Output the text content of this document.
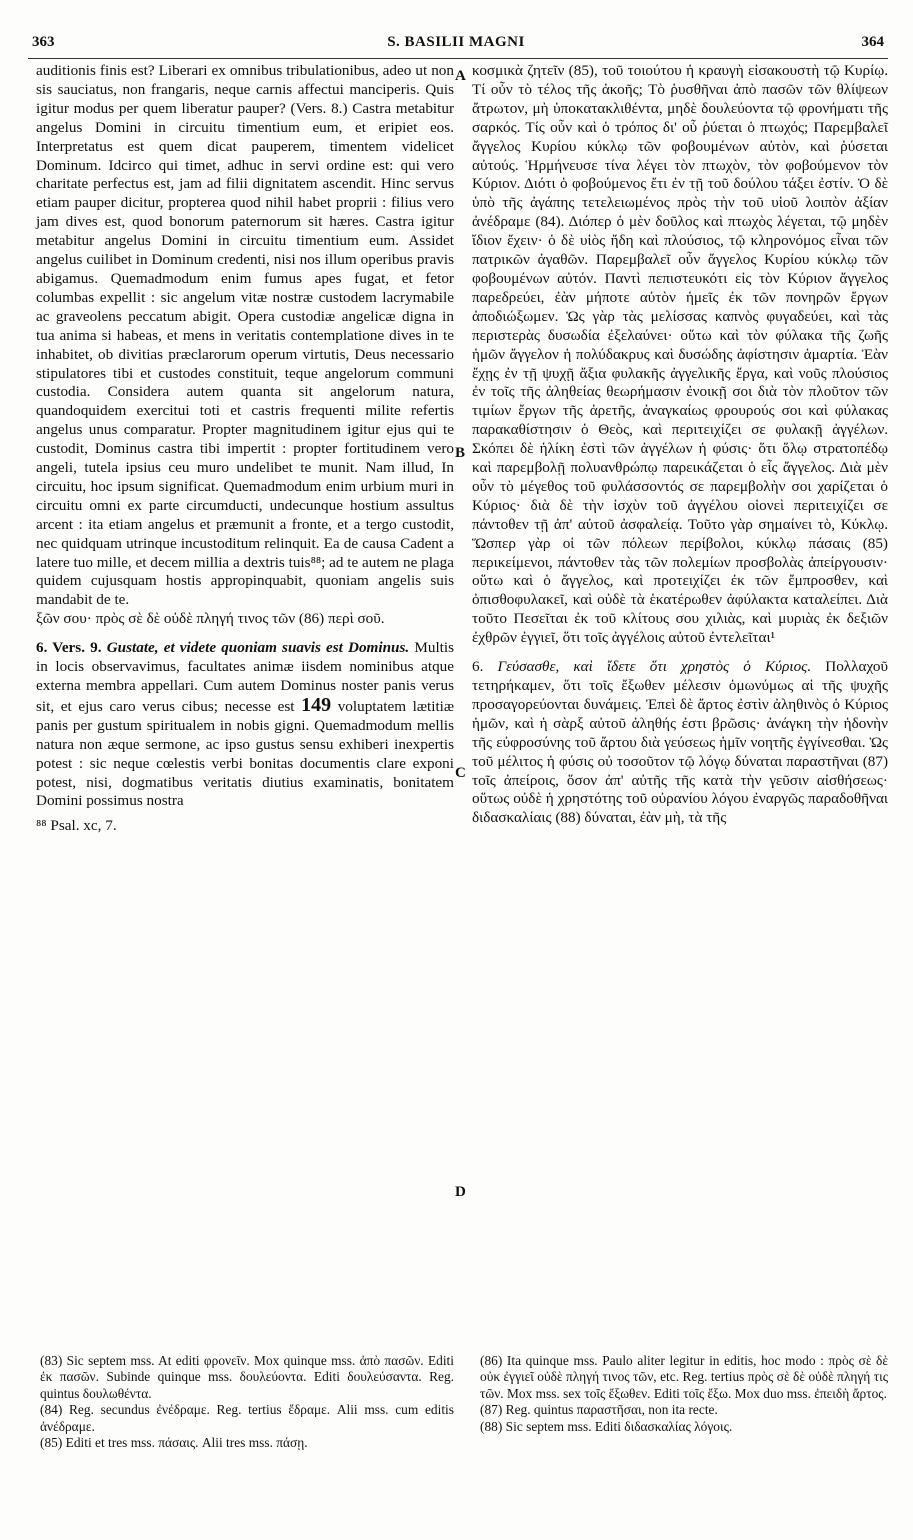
363	S. BASILII MAGNI	364
A
B
C
D

auditionis finis est? Liberari ex omnibus tribulationibus, adeo ut non sis sauciatus, non frangaris, neque carnis affectui manciperis. Quis igitur modus per quem liberatur pauper? (Vers. 8.) Castra metabitur angelus Domini in circuitu timentium eum, et eripiet eos. Interpretatus est quem dicat pauperem, timentem videlicet Dominum. Idcirco qui timet, adhuc in servi ordine est: qui vero charitate perfectus est, jam ad filii dignitatem ascendit. Hinc servus etiam pauper dicitur, propterea quod nihil habet proprii : filius vero jam dives est, quod bonorum paternorum sit hæres. Castra igitur metabitur angelus Domini in circuitu timentium eum. Assidet angelus cuilibet in Dominum credenti, nisi nos illum operibus pravis abigamus. Quemadmodum enim fumus apes fugat, et fetor columbas expellit : sic angelum vitæ nostræ custodem lacrymabile ac graveolens peccatum abigit. Opera custodiæ angelicæ digna in tua anima si habeas, et mens in veritatis contemplatione dives in te inhabitet, ob divitias præclarorum operum virtutis, Deus necessario stipulatores tibi et custodes constituit, teque angelorum communi custodia. Considera autem quanta sit angelorum natura, quandoquidem exercitui toti et castris frequenti milite refertis angelus unus comparatur. Propter magnitudinem igitur ejus qui te custodit, Dominus castra tibi impertit : propter fortitudinem vero angeli, tutela ipsius ceu muro undelibet te munit. Nam illud, In circuitu, hoc ipsum significat. Quemadmodum enim urbium muri in circuitu omni ex parte circumducti, undecunque hostium assultus arcent : ita etiam angelus et præmunit a fronte, et a tergo custodit, nec quidquam utrinque incustoditum relinquit. Ea de causa Cadent a latere tuo mille, et decem millia a dextris tuis⁸⁸; ad te autem ne plaga quidem cujusquam hostis appropinquabit, quoniam angelis suis mandabit de te.

ξῶν σου· πρὸς σὲ δὲ οὐδὲ πληγή τινος τῶν (86) περὶ σοῦ.

6. Vers. 9. Gustate, et videte quoniam suavis est Dominus. Multis in locis observavimus, facultates animæ iisdem nominibus atque externa membra appellari. Cum autem Dominus noster panis verus sit, et ejus caro verus cibus; necesse est 149 voluptatem lætitiæ panis per gustum spiritualem in nobis gigni. Quemadmodum mellis natura non æque sermone, ac ipso gustus sensu exhiberi inexpertis potest : sic neque cœlestis verbi bonitas documentis clare exponi potest, nisi, dogmatibus veritatis diutius examinatis, bonitatem Domini possimus nostra

⁸⁸ Psal. xc, 7.

κοσμικὰ ζητεῖν (85), τοῦ τοιούτου ἡ κραυγὴ εἰσακουστὴ τῷ Κυρίῳ. Τί οὖν τὸ τέλος τῆς ἀκοῆς; Τὸ ῥυσθῆναι ἀπὸ πασῶν τῶν θλίψεων ἄτρωτον, μὴ ὑποκατακλιθέντα, μηδὲ δουλεύοντα τῷ φρονήματι τῆς σαρκός. Τίς οὖν καὶ ὁ τρόπος δι' οὗ ῥύεται ὁ πτωχός; Παρεμβαλεῖ ἄγγελος Κυρίου κύκλῳ τῶν φοβουμένων αὐτὸν, καὶ ῥύσεται αὐτούς. Ἡρμήνευσε τίνα λέγει τὸν πτωχὸν, τὸν φοβούμενον τὸν Κύριον. Διότι ὁ φοβούμενος ἔτι ἐν τῇ τοῦ δούλου τάξει ἐστίν. Ὁ δὲ ὑπὸ τῆς ἀγάπης τετελειωμένος πρὸς τὴν τοῦ υἱοῦ λοιπὸν ἀξίαν ἀνέδραμε (84). Διόπερ ὁ μὲν δοῦλος καὶ πτωχὸς λέγεται, τῷ μηδὲν ἴδιον ἔχειν· ὁ δὲ υἱὸς ἤδη καὶ πλούσιος, τῷ κληρονόμος εἶναι τῶν πατρικῶν ἀγαθῶν. Παρεμβαλεῖ οὖν ἄγγελος Κυρίου κύκλῳ τῶν φοβουμένων αὐτόν. Παντὶ πεπιστευκότι εἰς τὸν Κύριον ἄγγελος παρεδρεύει, ἐὰν μήποτε αὐτὸν ἡμεῖς ἐκ τῶν πονηρῶν ἔργων ἀποδιώξωμεν. Ὡς γὰρ τὰς μελίσσας καπνὸς φυγαδεύει, καὶ τὰς περιστερὰς δυσωδία ἐξελαύνει· οὕτω καὶ τὸν φύλακα τῆς ζωῆς ἡμῶν ἄγγελον ἡ πολύδακρυς καὶ δυσώδης ἀφίστησιν ἁμαρτία. Ἐὰν ἔχῃς ἐν τῇ ψυχῇ ἄξια φυλακῆς ἀγγελικῆς ἔργα, καὶ νοῦς πλούσιος ἐν τοῖς τῆς ἀληθείας θεωρήμασιν ἐνοικῇ σοι διὰ τὸν πλοῦτον τῶν τιμίων ἔργων τῆς ἀρετῆς, ἀναγκαίως φρουρούς σοι καὶ φύλακας παρακαθίστησιν ὁ Θεὸς, καὶ περιτειχίζει σε φυλακῇ ἀγγέλων. Σκόπει δὲ ἡλίκη ἐστὶ τῶν ἀγγέλων ἡ φύσις· ὅτι ὅλῳ στρατοπέδῳ καὶ παρεμβολῇ πολυανθρώπῳ παρεικάζεται ὁ εἷς ἄγγελος. Διὰ μὲν οὖν τὸ μέγεθος τοῦ φυλάσσοντός σε παρεμβολὴν σοι χαρίζεται ὁ Κύριος· διὰ δὲ τὴν ἰσχὺν τοῦ ἀγγέλου οἱονεὶ περιτειχίζει σε πάντοθεν τῇ ἀπ' αὐτοῦ ἀσφαλείᾳ. Τοῦτο γὰρ σημαίνει τὸ, Κύκλῳ. Ὥσπερ γὰρ οἱ τῶν πόλεων περίβολοι, κύκλῳ πάσαις (85) περικείμενοι, πάντοθεν τὰς τῶν πολεμίων προσβολὰς ἀπείργουσιν· οὕτω καὶ ὁ ἄγγελος, καὶ προτειχίζει ἐκ τῶν ἔμπροσθεν, καὶ ὀπισθοφυλακεῖ, καὶ οὐδὲ τὰ ἑκατέρωθεν ἀφύλακτα καταλείπει. Διὰ τοῦτο Πεσεῖται ἐκ τοῦ κλίτους σου χιλιὰς, καὶ μυριὰς ἐκ δεξιῶν ἐχθρῶν ἐγγιεῖ, ὅτι τοῖς ἀγγέλοις αὐτοῦ ἐντελεῖται¹

6. Γεύσασθε, καὶ ἴδετε ὅτι χρηστὸς ὁ Κύριος. Πολλαχοῦ τετηρήκαμεν, ὅτι τοῖς ἔξωθεν μέλεσιν ὁμωνύμως αἱ τῆς ψυχῆς προσαγορεύονται δυνάμεις. Ἐπεὶ δὲ ἄρτος ἐστὶν ἀληθινὸς ὁ Κύριος ἡμῶν, καὶ ἡ σὰρξ αὐτοῦ ἀληθής ἐστι βρῶσις· ἀνάγκη τὴν ἡδονὴν τῆς εὐφροσύνης τοῦ ἄρτου διὰ γεύσεως ἡμῖν νοητῆς ἐγγίνεσθαι. Ὡς τοῦ μέλιτος ἡ φύσις οὐ τοσοῦτον τῷ λόγῳ δύναται παραστῆναι (87) τοῖς ἀπείροις, ὅσον ἀπ' αὐτῆς τῆς κατὰ τὴν γεῦσιν αἰσθήσεως· οὕτως οὐδὲ ἡ χρηστότης τοῦ οὐρανίου λόγου ἐναργῶς παραδοθῆναι διδασκαλίαις (88) δύναται, ἐὰν μὴ, τὰ τῆς

(83) Sic septem mss. At editi φρονεῖν. Mox quinque mss. ἀπὸ πασῶν. Editi ἐκ πασῶν. Subinde quinque mss. δουλεύοντα. Editi δουλεύσαντα. Reg. quintus δουλωθέντα.

(84) Reg. secundus ἐνέδραμε. Reg. tertius ἔδραμε. Alii mss. cum editis ἀνέδραμε.

(85) Editi et tres mss. πάσαις. Alii tres mss. πάσῃ.

(86) Ita quinque mss. Paulo aliter legitur in editis, hoc modo : πρὸς σὲ δὲ οὐκ ἐγγιεῖ οὐδὲ πληγή τινος τῶν, etc. Reg. tertius πρὸς σὲ δὲ οὐδὲ πληγή τις τῶν. Mox mss. sex τοῖς ἔξωθεν. Editi τοῖς ἔξω. Mox duo mss. ἐπειδὴ ἄρτος.

(87) Reg. quintus παραστῆσαι, non ita recte.

(88) Sic septem mss. Editi διδασκαλίας λόγοις.
